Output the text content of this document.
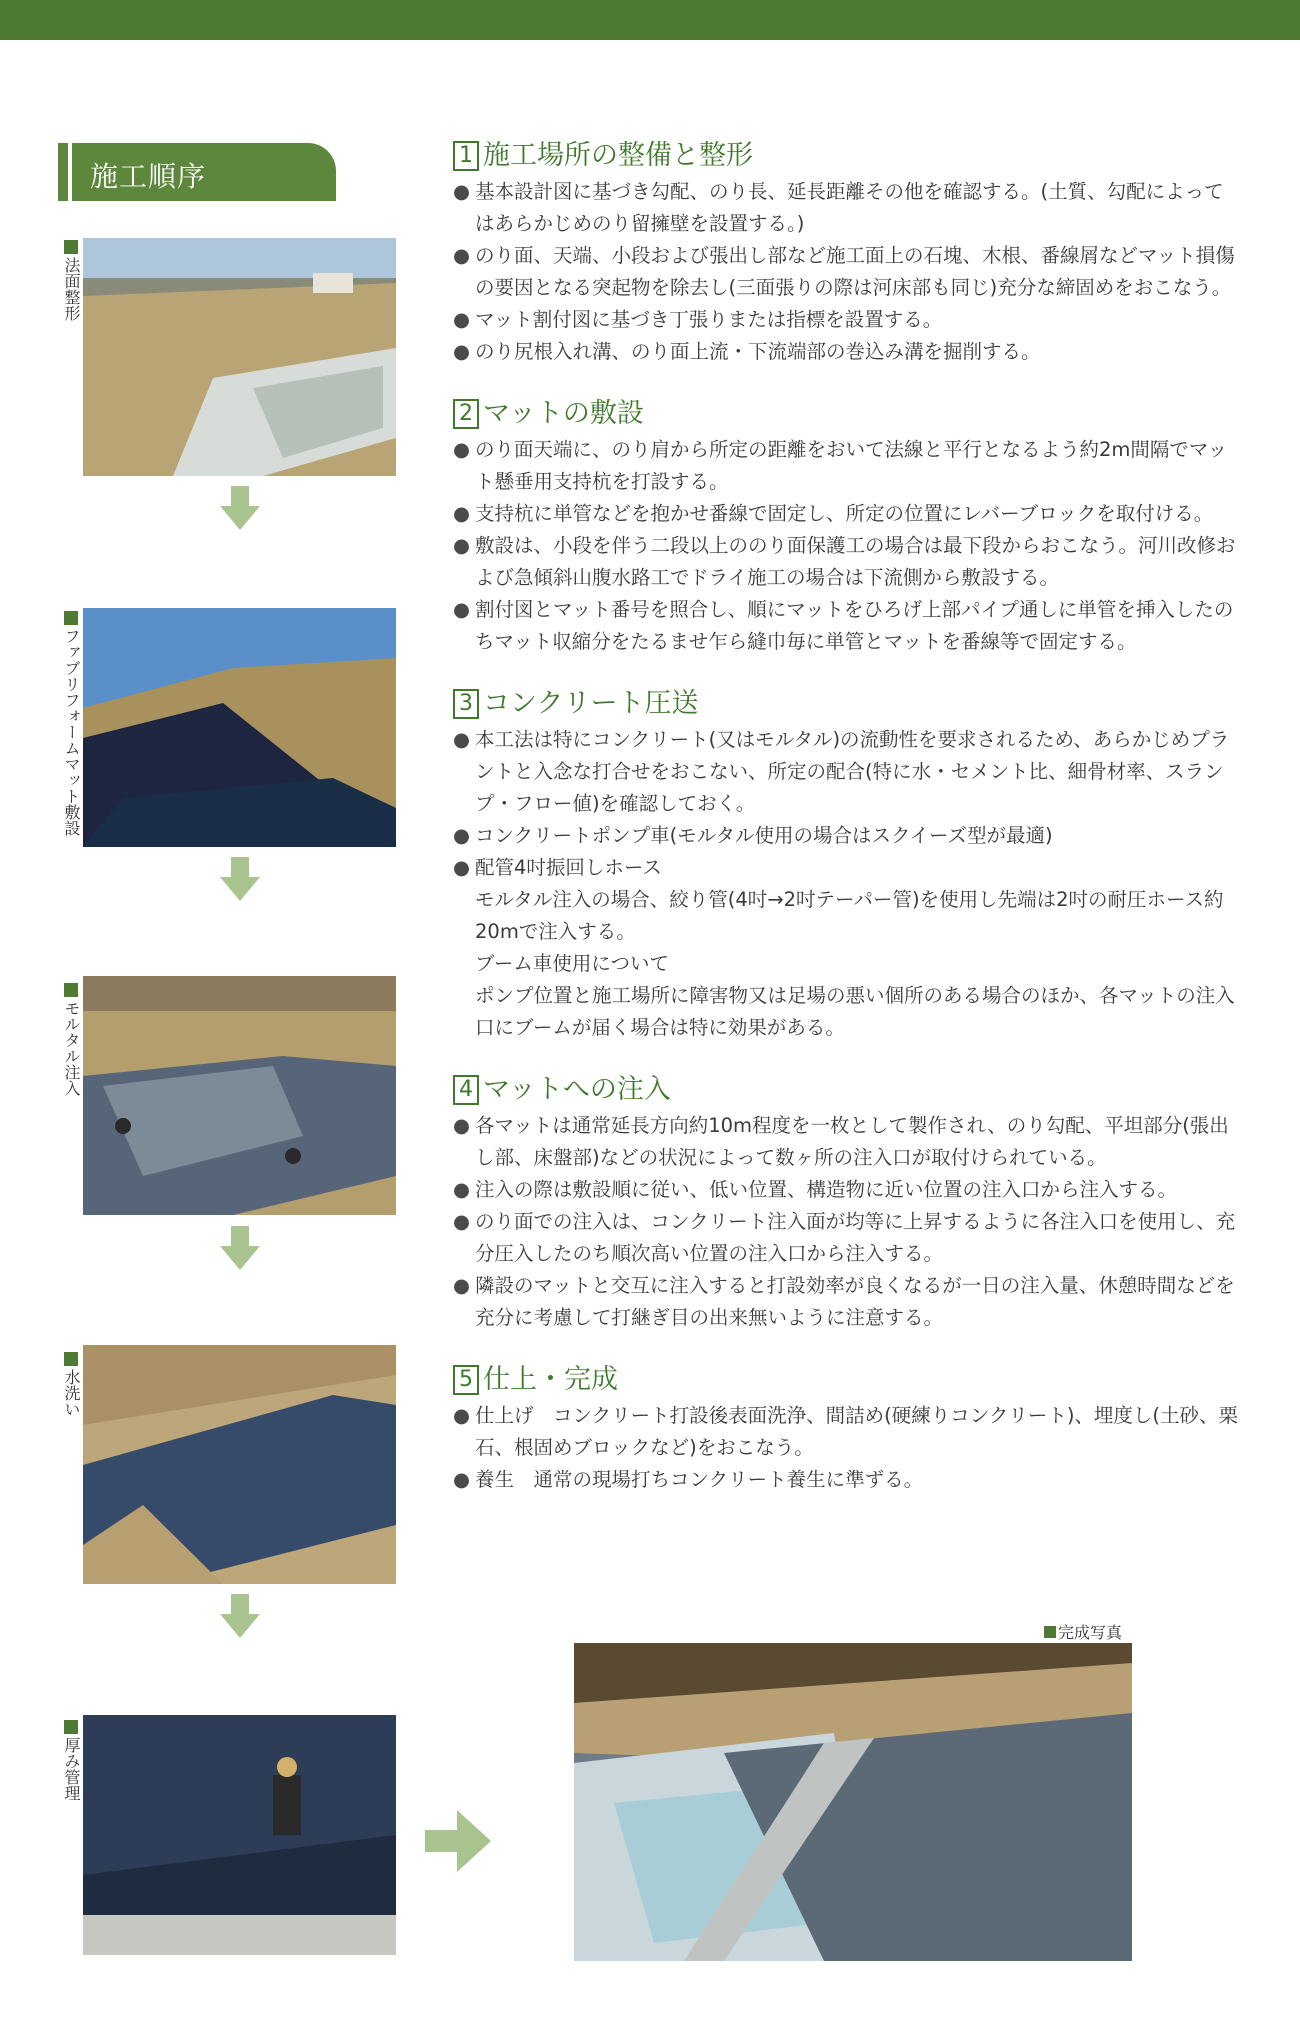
施工順序
法面整形
ファブリフォームマット敷設
モルタル注入
水洗い
厚み管理
完成写真
1 施工場所の整備と整形
● 基本設計図に基づき勾配、のり長、延長距離その他を確認する。(土質、勾配によってはあらかじめのり留擁壁を設置する。)
● のり面、天端、小段および張出し部など施工面上の石塊、木根、番線屑などマット損傷の要因となる突起物を除去し(三面張りの際は河床部も同じ)充分な締固めをおこなう。
● マット割付図に基づき丁張りまたは指標を設置する。
● のり尻根入れ溝、のり面上流・下流端部の巻込み溝を掘削する。
2 マットの敷設
● のり面天端に、のり肩から所定の距離をおいて法線と平行となるよう約2m間隔でマット懸垂用支持杭を打設する。
● 支持杭に単管などを抱かせ番線で固定し、所定の位置にレバーブロックを取付ける。
● 敷設は、小段を伴う二段以上ののり面保護工の場合は最下段からおこなう。河川改修および急傾斜山腹水路工でドライ施工の場合は下流側から敷設する。
● 割付図とマット番号を照合し、順にマットをひろげ上部パイプ通しに単管を挿入したのちマット収縮分をたるませ乍ら縫巾毎に単管とマットを番線等で固定する。
3 コンクリート圧送
● 本工法は特にコンクリート(又はモルタル)の流動性を要求されるため、あらかじめプラントと入念な打合せをおこない、所定の配合(特に水・セメント比、細骨材率、スランプ・フロー値)を確認しておく。
● コンクリートポンプ車(モルタル使用の場合はスクイーズ型が最適)
● 配管4吋振回しホース
モルタル注入の場合、絞り管(4吋→2吋テーパー管)を使用し先端は2吋の耐圧ホース約20mで注入する。
ブーム車使用について
ポンプ位置と施工場所に障害物又は足場の悪い個所のある場合のほか、各マットの注入口にブームが届く場合は特に効果がある。
4 マットへの注入
● 各マットは通常延長方向約10m程度を一枚として製作され、のり勾配、平坦部分(張出し部、床盤部)などの状況によって数ヶ所の注入口が取付けられている。
● 注入の際は敷設順に従い、低い位置、構造物に近い位置の注入口から注入する。
● のり面での注入は、コンクリート注入面が均等に上昇するように各注入口を使用し、充分圧入したのち順次高い位置の注入口から注入する。
● 隣設のマットと交互に注入すると打設効率が良くなるが一日の注入量、休憩時間などを充分に考慮して打継ぎ目の出来無いように注意する。
5 仕上・完成
● 仕上げ　コンクリート打設後表面洗浄、間詰め(硬練りコンクリート)、埋度し(土砂、栗石、根固めブロックなど)をおこなう。
● 養生　通常の現場打ちコンクリート養生に準ずる。
